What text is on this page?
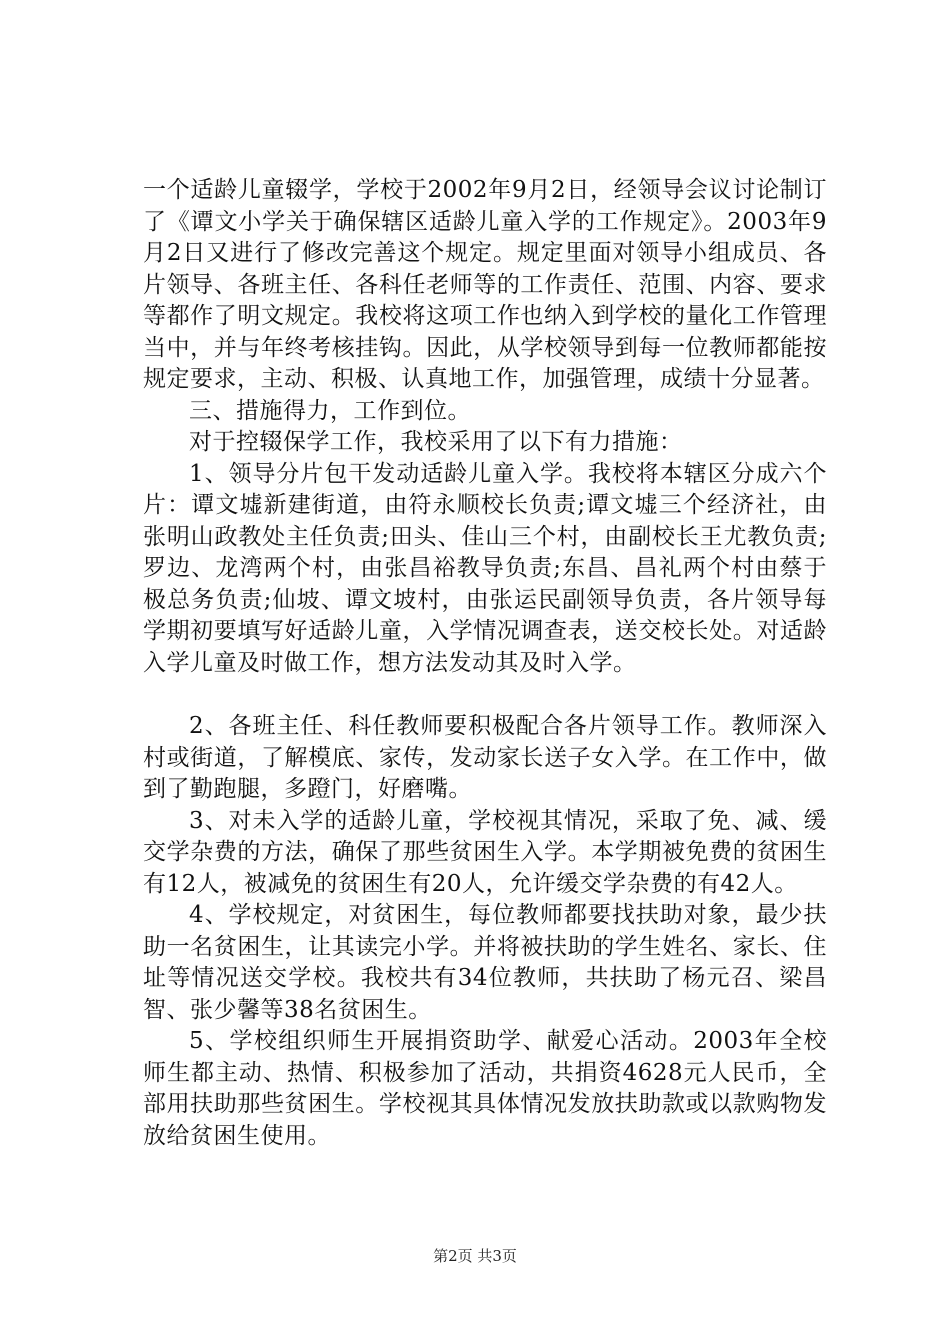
一个适龄儿童辍学，学校于2002年9月2日，经领导会议讨论制订了《谭文小学关于确保辖区适龄儿童入学的工作规定》。2003年9月2日又进行了修改完善这个规定。规定里面对领导小组成员、各片领导、各班主任、各科任老师等的工作责任、范围、内容、要求等都作了明文规定。我校将这项工作也纳入到学校的量化工作管理当中，并与年终考核挂钩。因此，从学校领导到每一位教师都能按规定要求，主动、积极、认真地工作，加强管理，成绩十分显著。

三、措施得力，工作到位。

对于控辍保学工作，我校采用了以下有力措施：

1、领导分片包干发动适龄儿童入学。我校将本辖区分成六个片：谭文墟新建街道，由符永顺校长负责;谭文墟三个经济社，由张明山政教处主任负责;田头、佳山三个村，由副校长王尤教负责;罗边、龙湾两个村，由张昌裕教导负责;东昌、昌礼两个村由蔡于极总务负责;仙坡、谭文坡村，由张运民副领导负责，各片领导每学期初要填写好适龄儿童，入学情况调查表，送交校长处。对适龄入学儿童及时做工作，想方法发动其及时入学。

2、各班主任、科任教师要积极配合各片领导工作。教师深入村或街道，了解模底、家传，发动家长送子女入学。在工作中，做到了勤跑腿，多蹬门，好磨嘴。

3、对未入学的适龄儿童，学校视其情况，采取了免、减、缓交学杂费的方法，确保了那些贫困生入学。本学期被免费的贫困生有12人，被减免的贫困生有20人，允许缓交学杂费的有42人。

4、学校规定，对贫困生，每位教师都要找扶助对象，最少扶助一名贫困生，让其读完小学。并将被扶助的学生姓名、家长、住址等情况送交学校。我校共有34位教师，共扶助了杨元召、梁昌智、张少馨等38名贫困生。

5、学校组织师生开展捐资助学、献爱心活动。2003年全校师生都主动、热情、积极参加了活动，共捐资4628元人民币，全部用扶助那些贫困生。学校视其具体情况发放扶助款或以款购物发放给贫困生使用。

第2页 共3页
